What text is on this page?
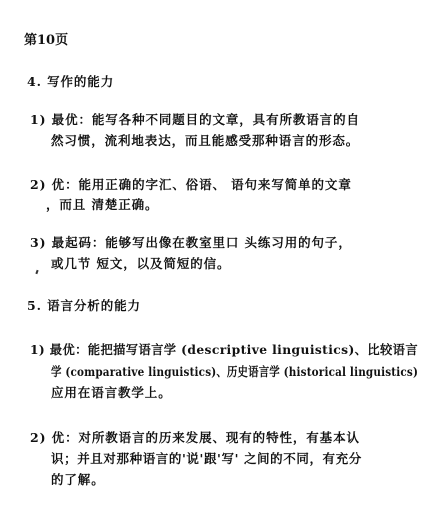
第10页
4. 写作的能力
1) 最优：能写各种不同题目的文章，具有所教语言的自
然习惯，流利地表达，而且能感受那种语言的形态。
2) 优：能用正确的字汇、俗语、 语句来写简单的文章
，而且 清楚正确。
3) 最起码：能够写出像在教室里口 头练习用的句子，
或几节 短文，以及简短的信。
5. 语言分析的能力
1) 最优：能把描写语言学 (descriptive linguistics)、比较语言
学 (comparative linguistics)、历史语言学 (historical linguistics)
应用在语言教学上。
2) 优：对所教语言的历来发展、现有的特性，有基本认
识；并且对那种语言的'说'跟'写' 之间的不同，有充分
的了解。
